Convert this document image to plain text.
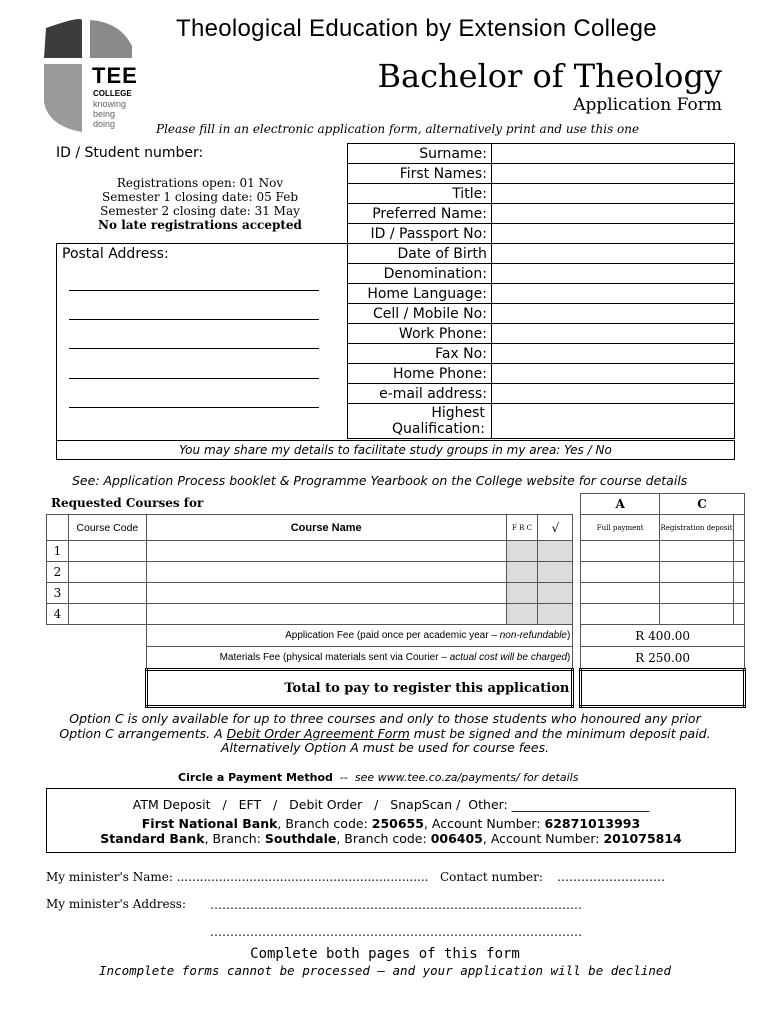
TEE
COLLEGE
knowing
being
doing
Theological Education by Extension College
Bachelor of Theology
Application Form
Please fill in an electronic application form, alternatively print and use this one
ID / Student number:
Registrations open: 01 Nov
Semester 1 closing date: 05 Feb
Semester 2 closing date: 31 May
No late registrations accepted
Postal Address:
Surname:	
First Names:	
Title:	
Preferred Name:	
ID / Passport No:	
Date of Birth	
Denomination:	
Home Language:	
Cell / Mobile No:	
Work Phone:	
Fax No:	
Home Phone:	
e-mail address:	

Highest
Qualification:

You may share my details to facilitate study groups in my area: Yes / No
See: Application Process booklet & Programme Yearbook on the College website for course details
Requested Courses for
						A	C	
	Course Code	Course Name	F R C	√		Full payment	Registration deposit	
1								
2								
3								
4								
		Application Fee (paid once per academic year – non-refundable)				R 400.00		
		Materials Fee (physical materials sent via Courier – actual cost will be charged)				R 250.00		
		Total to pay to register this application						
Option C is only available for up to three courses and only to those students who honoured any prior
Option C arrangements. A Debit Order Agreement Form must be signed and the minimum deposit paid.
Alternatively Option A must be used for course fees.
Circle a Payment Method -- see www.tee.co.za/payments/ for details
ATM Deposit   /   EFT   /   Debit Order   /   SnapScan /  Other: ______________________
First National Bank, Branch code: 250655, Account Number: 62871013993
Standard Bank, Branch: Southdale, Branch code: 006405, Account Number: 201075814
My minister's Name: .................................................................. Contact number: ………………………
My minister's Address: …………………………………………………………………………………
…………………………………………………………………………………
Complete both pages of this form
Incomplete forms cannot be processed – and your application will be declined
